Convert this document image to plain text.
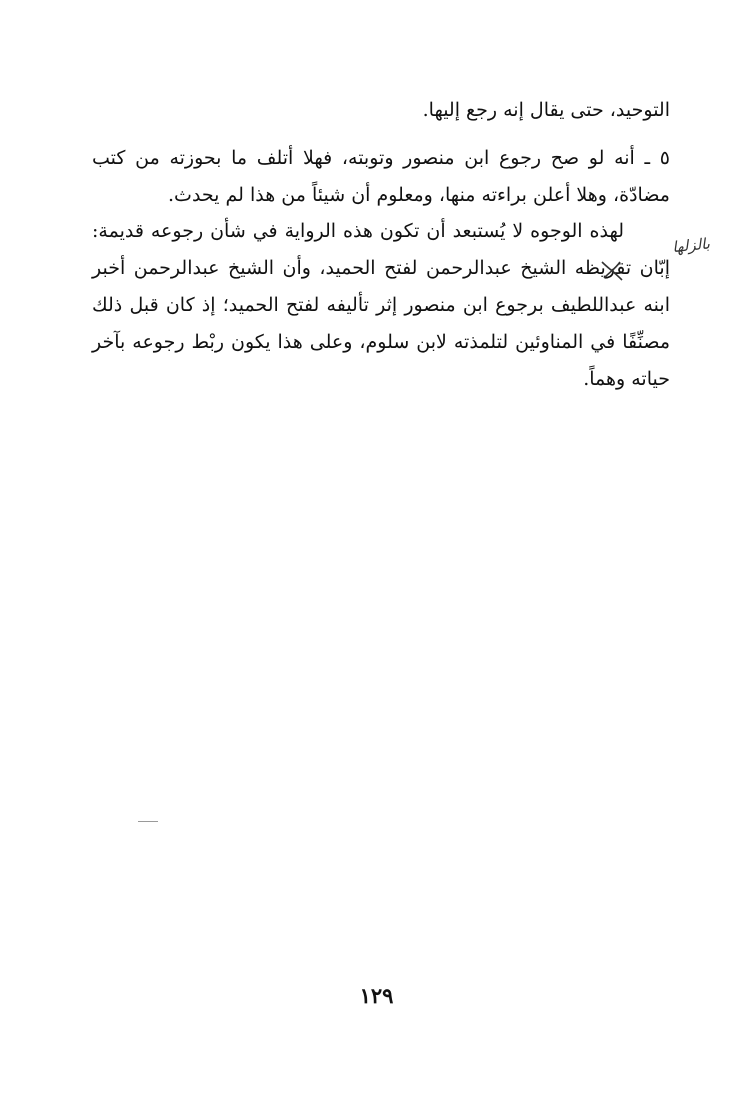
التوحيد، حتى يقال إنه رجع إليها.

٥ ـ أنه لو صح رجوع ابن منصور وتوبته، فهلا أتلف ما بحوزته من كتب مضادّة، وهلا أعلن براءته منها، ومعلوم أن شيئاً من هذا لم يحدث.

لهذه الوجوه لا يُستبعد أن تكون هذه الرواية في شأن رجوعه قديمة: إبّان تقريظه الشيخ عبدالرحمن لفتح الحميد، وأن الشيخ عبدالرحمن أخبر ابنه عبداللطيف برجوع ابن منصور إثر تأليفه لفتح الحميد؛ إذ كان قبل ذلك مصنِّفًا في المناوئين لتلمذته لابن سلوم، وعلى هذا يكون ربْط رجوعه بآخر حياته وهماً.

بالزلها
١٢٩
